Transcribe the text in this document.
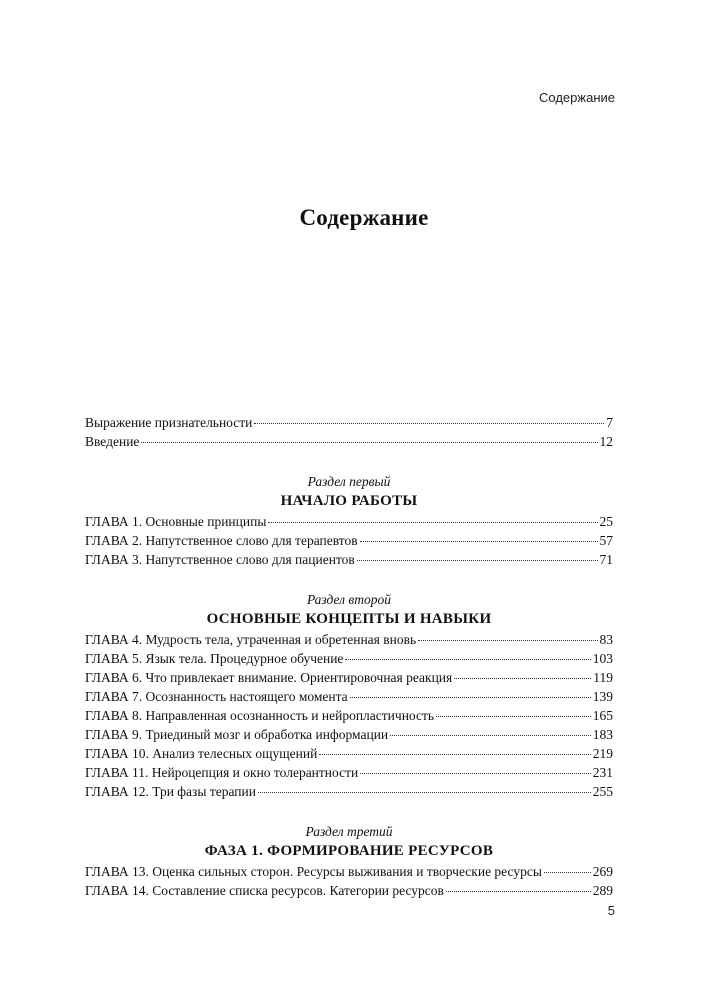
Содержание
Содержание
Выражение признательности	7
Введение	12
Раздел первый
НАЧАЛО РАБОТЫ
ГЛАВА 1. Основные принципы	25
ГЛАВА 2. Напутственное слово для терапевтов	57
ГЛАВА 3. Напутственное слово для пациентов	71
Раздел второй
ОСНОВНЫЕ КОНЦЕПТЫ И НАВЫКИ
ГЛАВА 4. Мудрость тела, утраченная и обретенная вновь	83
ГЛАВА 5. Язык тела. Процедурное обучение	103
ГЛАВА 6. Что привлекает внимание. Ориентировочная реакция	119
ГЛАВА 7. Осознанность настоящего момента	139
ГЛАВА 8. Направленная осознанность и нейропластичность	165
ГЛАВА 9. Триединый мозг и обработка информации	183
ГЛАВА 10. Анализ телесных ощущений	219
ГЛАВА 11. Нейроцепция и окно толерантности	231
ГЛАВА 12. Три фазы терапии	255
Раздел третий
ФАЗА 1. ФОРМИРОВАНИЕ РЕСУРСОВ
ГЛАВА 13. Оценка сильных сторон. Ресурсы выживания и творческие ресурсы	269
ГЛАВА 14. Составление списка ресурсов. Категории ресурсов	289
5
